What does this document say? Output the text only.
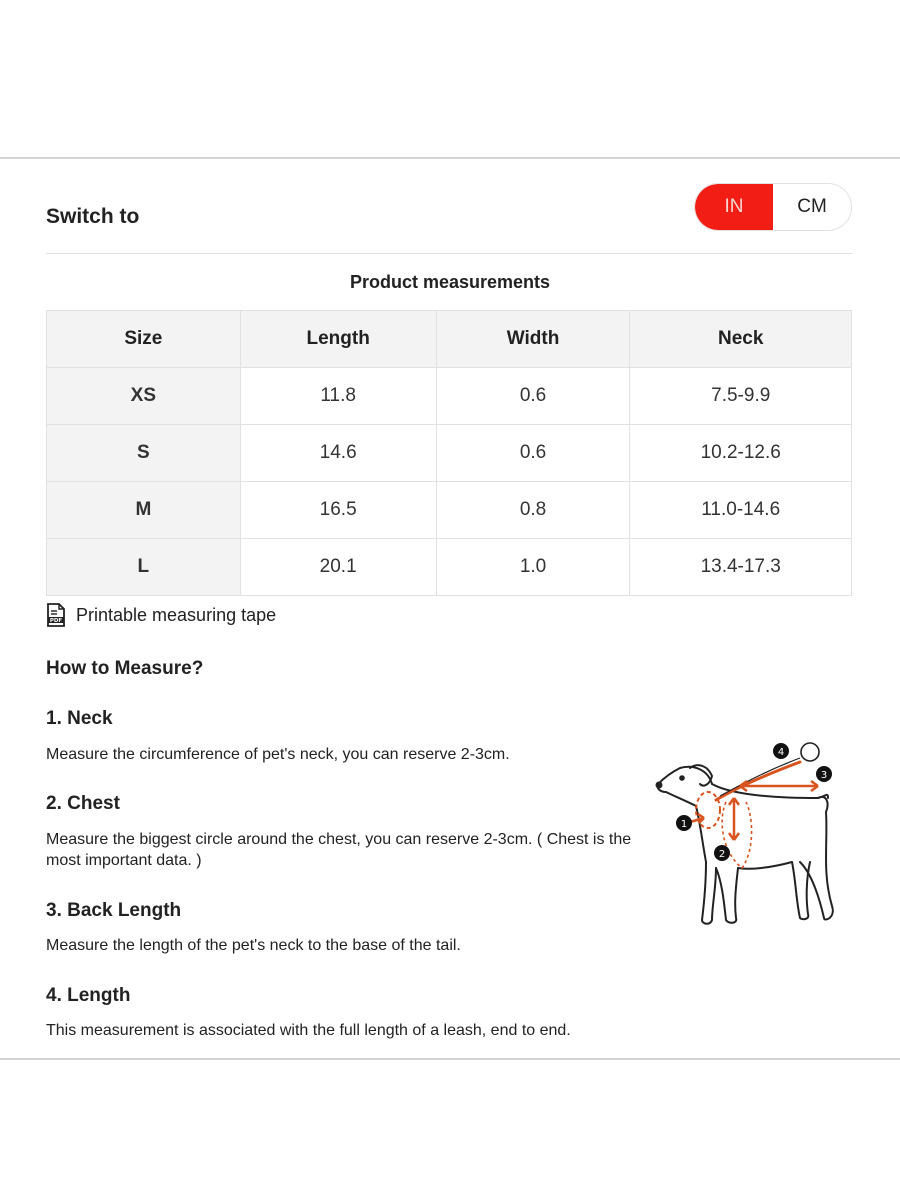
Switch to	IN	CM
Product measurements
Size	Length	Width	Neck
XS	11.8	0.6	7.5-9.9
S	14.6	0.6	10.2-12.6
M	16.5	0.8	11.0-14.6
L	20.1	1.0	13.4-17.3
PDF Printable measuring tape
How to Measure?
1. Neck
Measure the circumference of pet's neck, you can reserve 2-3cm.
2. Chest
Measure the biggest circle around the chest, you can reserve 2-3cm. ( Chest is the most important data. )
3. Back Length
Measure the length of the pet's neck to the base of the tail.
4. Length
This measurement is associated with the full length of a leash, end to end.
1
2
3
4
